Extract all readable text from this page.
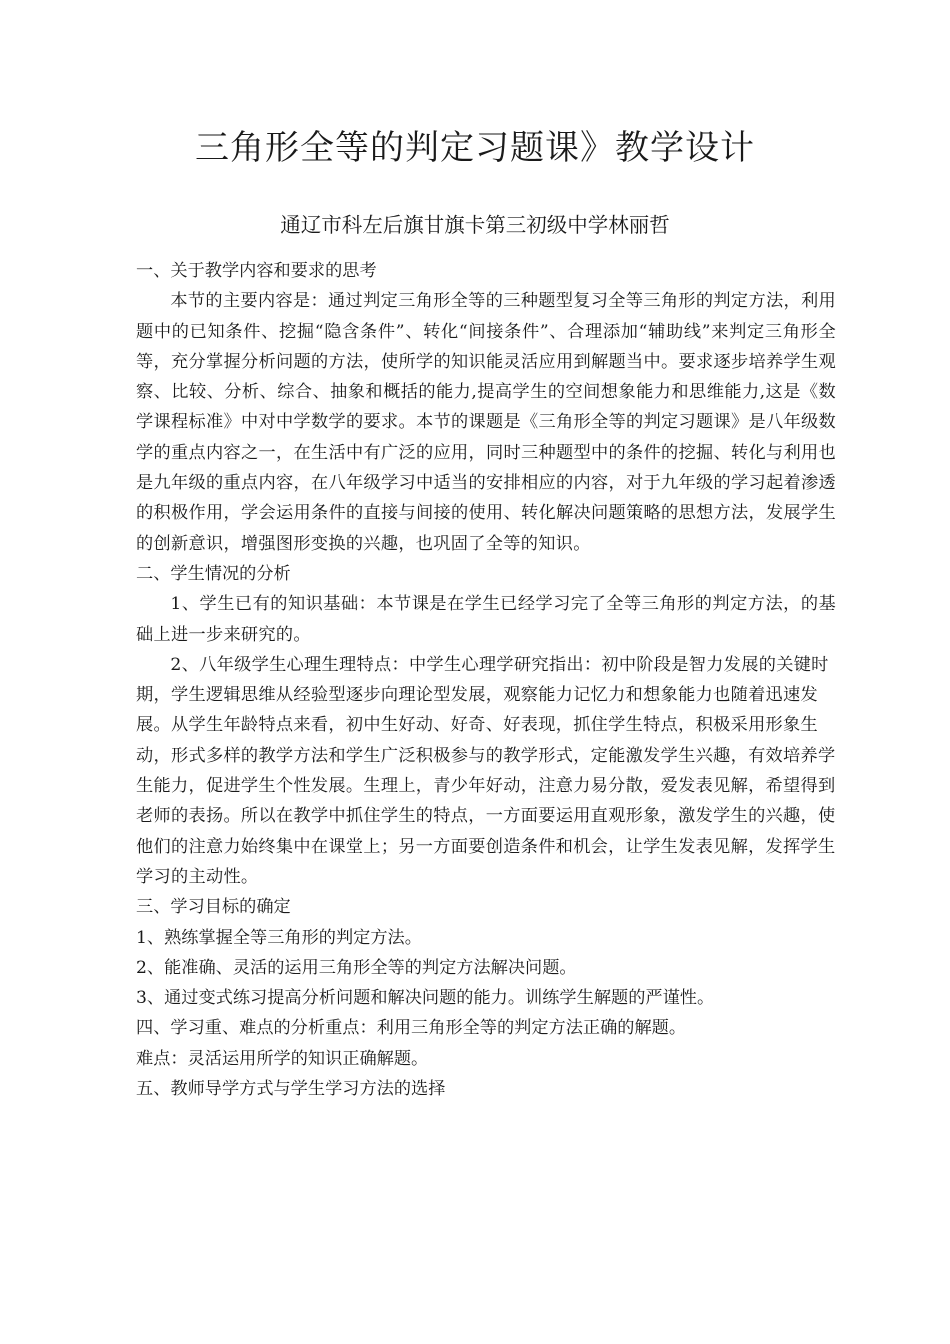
三角形全等的判定习题课》教学设计
通辽市科左后旗甘旗卡第三初级中学林丽哲

一、关于教学内容和要求的思考

本节的主要内容是：通过判定三角形全等的三种题型复习全等三角形的判定方法，利用题中的已知条件、挖掘“隐含条件”、转化“间接条件”、合理添加“辅助线”来判定三角形全等，充分掌握分析问题的方法，使所学的知识能灵活应用到解题当中。要求逐步培养学生观察、比较、分析、综合、抽象和概括的能力,提高学生的空间想象能力和思维能力,这是《数学课程标准》中对中学数学的要求。本节的课题是《三角形全等的判定习题课》是八年级数学的重点内容之一，在生活中有广泛的应用，同时三种题型中的条件的挖掘、转化与利用也是九年级的重点内容，在八年级学习中适当的安排相应的内容，对于九年级的学习起着渗透的积极作用，学会运用条件的直接与间接的使用、转化解决问题策略的思想方法，发展学生的创新意识，增强图形变换的兴趣，也巩固了全等的知识。

二、学生情况的分析

1、学生已有的知识基础：本节课是在学生已经学习完了全等三角形的判定方法，的基础上进一步来研究的。

2、八年级学生心理生理特点：中学生心理学研究指出：初中阶段是智力发展的关键时期，学生逻辑思维从经验型逐步向理论型发展，观察能力记忆力和想象能力也随着迅速发展。从学生年龄特点来看，初中生好动、好奇、好表现，抓住学生特点，积极采用形象生动，形式多样的教学方法和学生广泛积极参与的教学形式，定能激发学生兴趣，有效培养学生能力，促进学生个性发展。生理上，青少年好动，注意力易分散，爱发表见解，希望得到老师的表扬。所以在教学中抓住学生的特点，一方面要运用直观形象，激发学生的兴趣，使他们的注意力始终集中在课堂上；另一方面要创造条件和机会，让学生发表见解，发挥学生学习的主动性。

三、学习目标的确定

1、熟练掌握全等三角形的判定方法。

2、能准确、灵活的运用三角形全等的判定方法解决问题。

3、通过变式练习提高分析问题和解决问题的能力。训练学生解题的严谨性。

四、学习重、难点的分析重点：利用三角形全等的判定方法正确的解题。

难点：灵活运用所学的知识正确解题。

五、教师导学方式与学生学习方法的选择
